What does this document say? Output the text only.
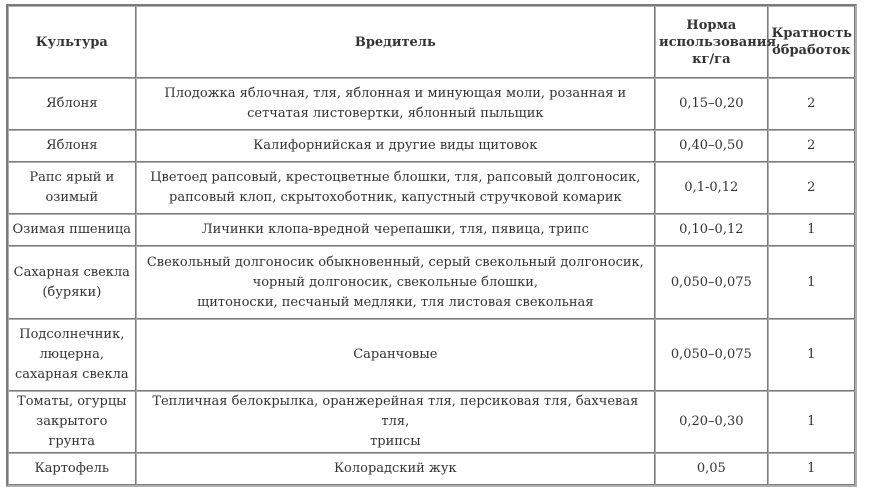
Культура	Вредитель	Норма
использования,
кг/га	Кратность
обработок
Яблоня	Плодожка яблочная, тля, яблонная и минующая моли, розанная и
сетчатая листовертки, яблонный пыльщик	0,15–0,20	2
Яблоня	Калифорнийская и другие виды щитовок	0,40–0,50	2
Рапс ярый и
озимый	Цветоед рапсовый, крестоцветные блошки, тля, рапсовый долгоносик,
рапсовый клоп, скрытохоботник, капустный стручковой комарик	0,1-0,12	2
Озимая пшеница	Личинки клопа-вредной черепашки, тля, пявица, трипс	0,10–0,12	1
Сахарная свекла
(буряки)	Свекольный долгоносик обыкновенный, серый свекольный долгоносик,
чорный долгоносик, свекольные блошки,
щитоноски, песчаный медляки, тля листовая свекольная	0,050–0,075	1
Подсолнечник,
люцерна,
сахарная свекла	Саранчовые	0,050–0,075	1
Томаты, огурцы
закрытого грунта	Тепличная белокрылка, оранжерейная тля, персиковая тля, бахчевая тля,
трипсы	0,20–0,30	1
Картофель	Колорадский жук	0,05	1
